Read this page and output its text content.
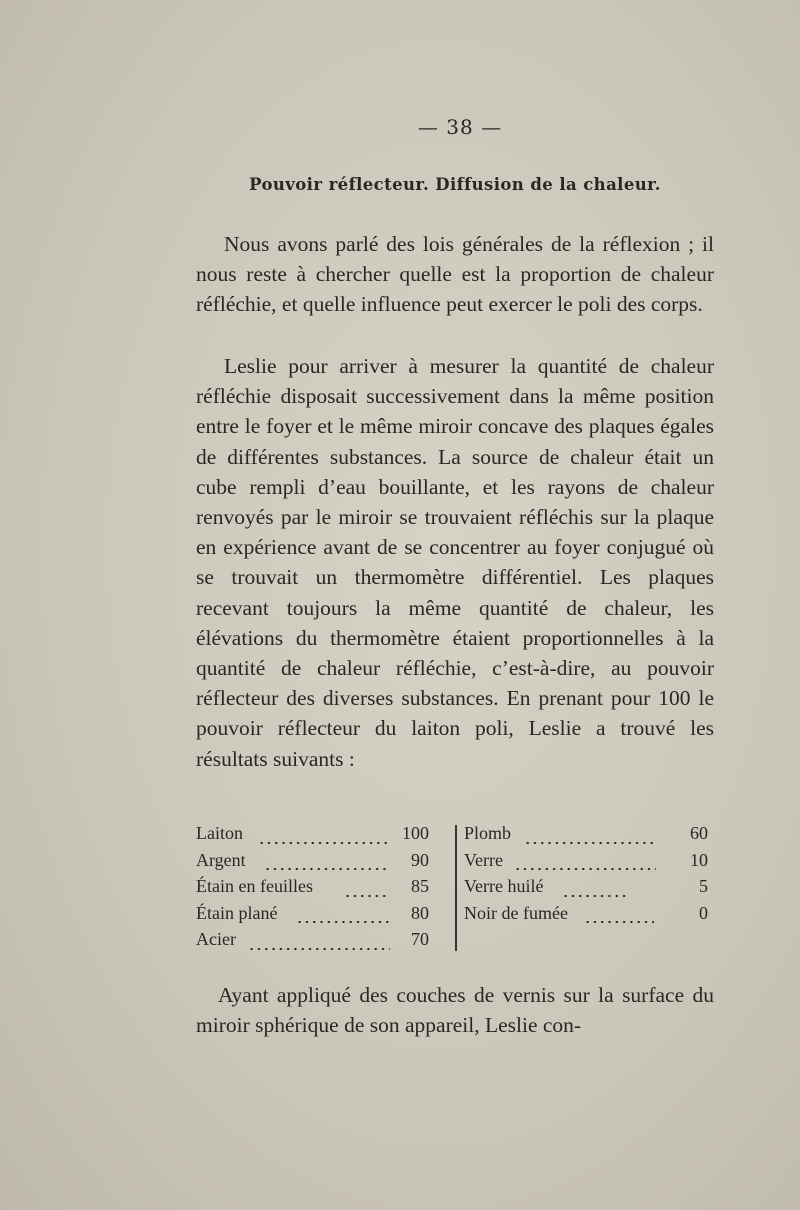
— 38 —
Pouvoir réflecteur. Diffusion de la chaleur.

Nous avons parlé des lois générales de la réflexion ; il nous reste à chercher quelle est la proportion de chaleur réfléchie, et quelle influence peut exercer le poli des corps.

Leslie pour arriver à mesurer la quantité de chaleur réfléchie disposait successivement dans la même position entre le foyer et le même miroir concave des plaques égales de différentes substances. La source de chaleur était un cube rempli d’eau bouillante, et les rayons de chaleur renvoyés par le miroir se trouvaient réfléchis sur la plaque en expérience avant de se concentrer au foyer conjugué où se trouvait un thermomètre différentiel. Les plaques recevant toujours la même quantité de chaleur, les élévations du thermomètre étaient proportionnelles à la quantité de chaleur réfléchie, c’est-à-dire, au pouvoir réflecteur des diverses substances. En prenant pour 100 le pouvoir réflecteur du laiton poli, Leslie a trouvé les résultats suivants :

Laiton	100 Plomb	60
Argent	90 Verre	10
Étain en feuilles	85 Verre huilé	5
Étain plané	80 Noir de fumée	0
Acier	70

Ayant appliqué des couches de vernis sur la surface du miroir sphérique de son appareil, Leslie con-
